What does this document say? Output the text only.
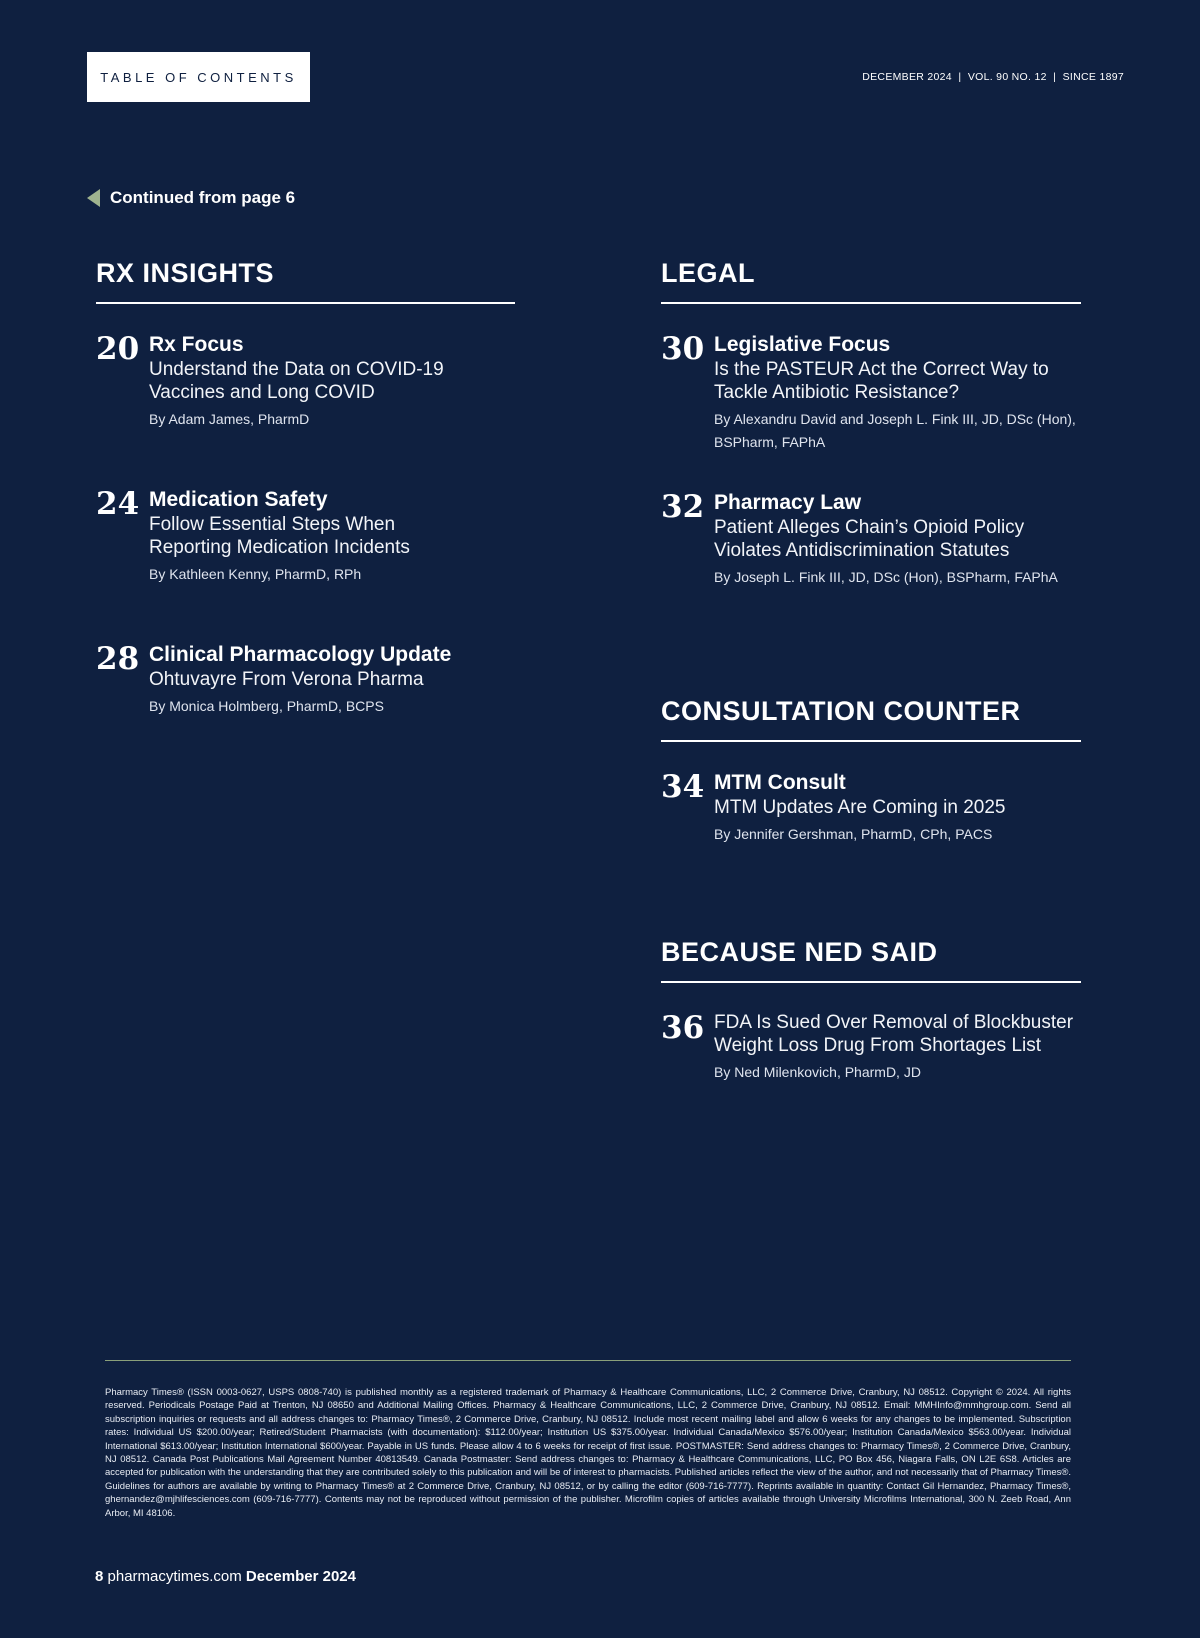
TABLE OF CONTENTS	DECEMBER 2024  |  VOL. 90 NO. 12  |  SINCE 1897
Continued from page 6
RX INSIGHTS
20 Rx Focus
Understand the Data on COVID-19 Vaccines and Long COVID
By Adam James, PharmD
24 Medication Safety
Follow Essential Steps When Reporting Medication Incidents
By Kathleen Kenny, PharmD, RPh
28 Clinical Pharmacology Update
Ohtuvayre From Verona Pharma
By Monica Holmberg, PharmD, BCPS
LEGAL
30 Legislative Focus
Is the PASTEUR Act the Correct Way to Tackle Antibiotic Resistance?
By Alexandru David and Joseph L. Fink III, JD, DSc (Hon), BSPharm, FAPhA
32 Pharmacy Law
Patient Alleges Chain’s Opioid Policy Violates Antidiscrimination Statutes
By Joseph L. Fink III, JD, DSc (Hon), BSPharm, FAPhA
CONSULTATION COUNTER
34 MTM Consult
MTM Updates Are Coming in 2025
By Jennifer Gershman, PharmD, CPh, PACS
BECAUSE NED SAID
36 FDA Is Sued Over Removal of Blockbuster Weight Loss Drug From Shortages List
By Ned Milenkovich, PharmD, JD
Pharmacy Times® (ISSN 0003-0627, USPS 0808-740) is published monthly as a registered trademark of Pharmacy & Healthcare Communications, LLC, 2 Commerce Drive, Cranbury, NJ 08512. Copyright © 2024. All rights reserved. Periodicals Postage Paid at Trenton, NJ 08650 and Additional Mailing Offices. Pharmacy & Healthcare Communications, LLC, 2 Commerce Drive, Cranbury, NJ 08512. Email: MMHInfo@mmhgroup.com. Send all subscription inquiries or requests and all address changes to: Pharmacy Times®, 2 Commerce Drive, Cranbury, NJ 08512. Include most recent mailing label and allow 6 weeks for any changes to be implemented. Subscription rates: Individual US $200.00/year; Retired/Student Pharmacists (with documentation): $112.00/year; Institution US $375.00/year. Individual Canada/Mexico $576.00/year; Institution Canada/Mexico $563.00/year. Individual International $613.00/year; Institution International $600/year. Payable in US funds. Please allow 4 to 6 weeks for receipt of first issue. POSTMASTER: Send address changes to: Pharmacy Times®, 2 Commerce Drive, Cranbury, NJ 08512. Canada Post Publications Mail Agreement Number 40813549. Canada Postmaster: Send address changes to: Pharmacy & Healthcare Communications, LLC, PO Box 456, Niagara Falls, ON L2E 6S8. Articles are accepted for publication with the understanding that they are contributed solely to this publication and will be of interest to pharmacists. Published articles reflect the view of the author, and not necessarily that of Pharmacy Times®. Guidelines for authors are available by writing to Pharmacy Times® at 2 Commerce Drive, Cranbury, NJ 08512, or by calling the editor (609-716-7777). Reprints available in quantity: Contact Gil Hernandez, Pharmacy Times®, ghernandez@mjhlifesciences.com (609-716-7777). Contents may not be reproduced without permission of the publisher. Microfilm copies of articles available through University Microfilms International, 300 N. Zeeb Road, Ann Arbor, MI 48106.
8 pharmacytimes.com December 2024
